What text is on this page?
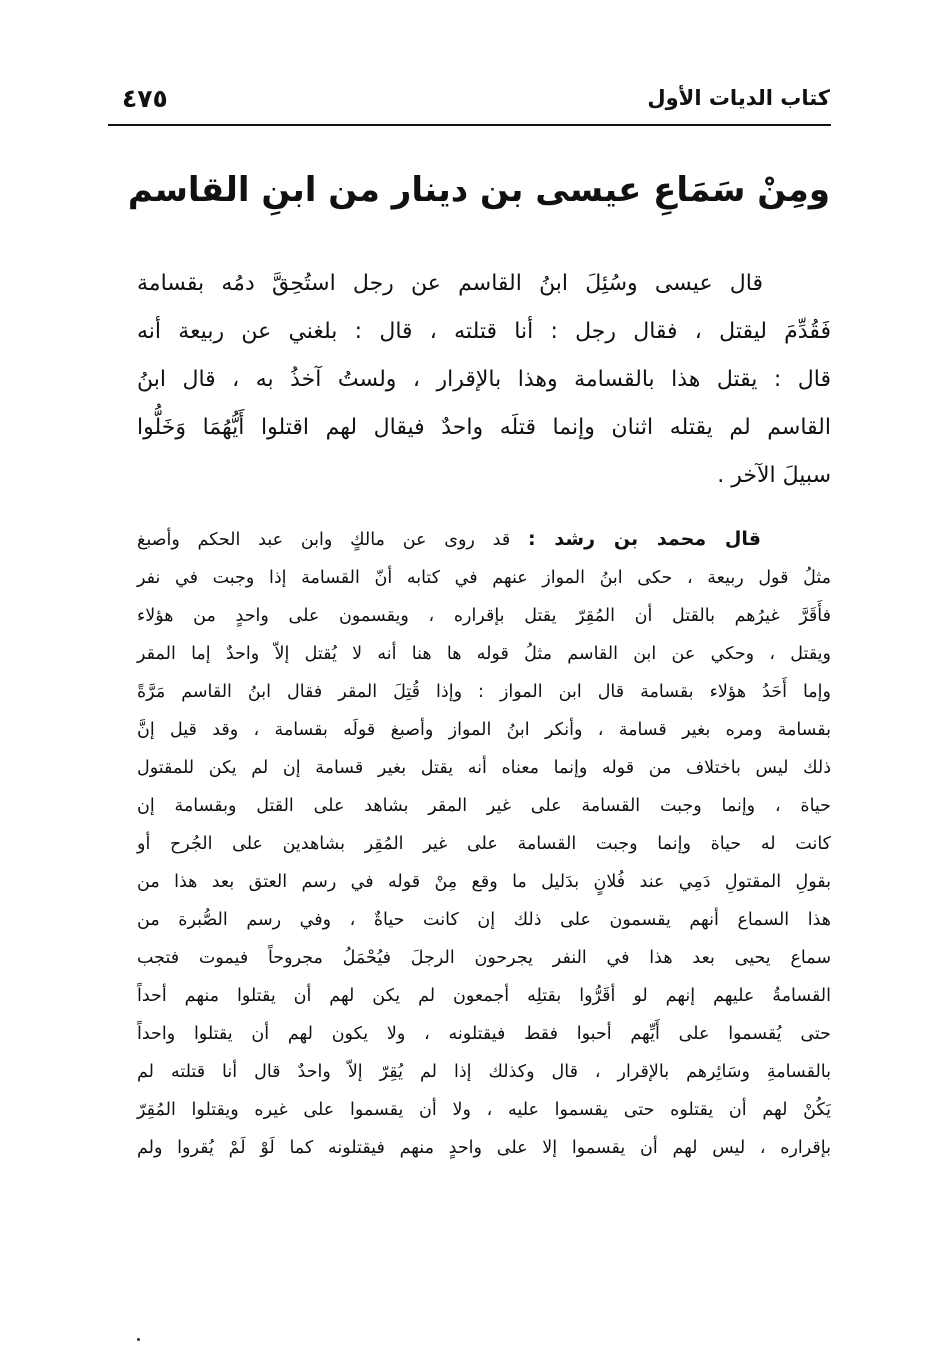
كتاب الديات الأول
٤٧٥
ومِنْ سَمَاعِ عيسى بن دينار من ابنِ القاسم
قال عيسى وسُئِلَ ابنُ القاسم عن رجل استُحِقَّ دمُه بقسامة
فَقُدِّمَ ليقتل ، فقال رجل : أنا قتلته ، قال : بلغني عن ربيعة أنه
قال : يقتل هذا بالقسامة وهذا بالإقرار ، ولستُ آخذُ به ، قال ابنُ
القاسم لم يقتله اثنان وإنما قتلَه واحدٌ فيقال لهم اقتلوا أَيُّهُمَا وَخَلُّوا
سبيلَ الآخر .
قال محمد بن رشد : قد روى عن مالكٍ وابن عبد الحكم وأصبغ
مثلُ قول ربيعة ، حكى ابنُ المواز عنهم في كتابه أنّ القسامة إذا وجبت في نفر
فأَقَرَّ غيرُهم بالقتل أن المُقِرّ يقتل بإقراره ، ويقسمون على واحدٍ من هؤلاء
ويقتل ، وحكي عن ابن القاسم مثلُ قوله ها هنا أنه لا يُقتل إلاّ واحدٌ إما المقر
وإما أَحَدُ هؤلاء بقسامة قال ابن المواز : وإذا قُتِلَ المقر فقال ابنُ القاسم مَرَّةً
بقسامة ومره بغير قسامة ، وأنكر ابنُ المواز وأصبغ قولَه بقسامة ، وقد قيل إنَّ
ذلك ليس باختلاف من قوله وإنما معناه أنه يقتل بغير قسامة إن لم يكن للمقتول
حياة ، وإنما وجبت القسامة على غير المقر بشاهد على القتل وبقسامة إن
كانت له حياة وإنما وجبت القسامة على غير المُقِر بشاهدين على الجُرح أو
بقولِ المقتولِ دَمِي عند فُلانٍ بدَليل ما وقع مِنْ قوله في رسم العتق بعد هذا من
هذا السماع أنهم يقسمون على ذلك إن كانت حياةٌ ، وفي رسم الصُّبرة من
سماع يحيى بعد هذا في النفر يجرحون الرجلَ فيُحْمَلُ مجروحاً فيموت فتجب
القسامةُ عليهم إنهم لو أقَرُّوا بقتلِه أجمعون لم يكن لهم أن يقتلوا منهم أحداً
حتى يُقسموا على أَيِّهم أحبوا فقط فيقتلونه ، ولا يكون لهم أن يقتلوا واحداً
بالقسامةِ وسَائِرهم بالإقرار ، قال وكذلك إذا لم يُقِرّ إلاّ واحدٌ قال أنا قتلته لم
يَكُنْ لهم أن يقتلوه حتى يقسموا عليه ، ولا أن يقسموا على غيره ويقتلوا المُقِرّ
بإقراره ، ليس لهم أن يقسموا إلا على واحدٍ منهم فيقتلونه كما لَوْ لَمْ يُقروا ولم
